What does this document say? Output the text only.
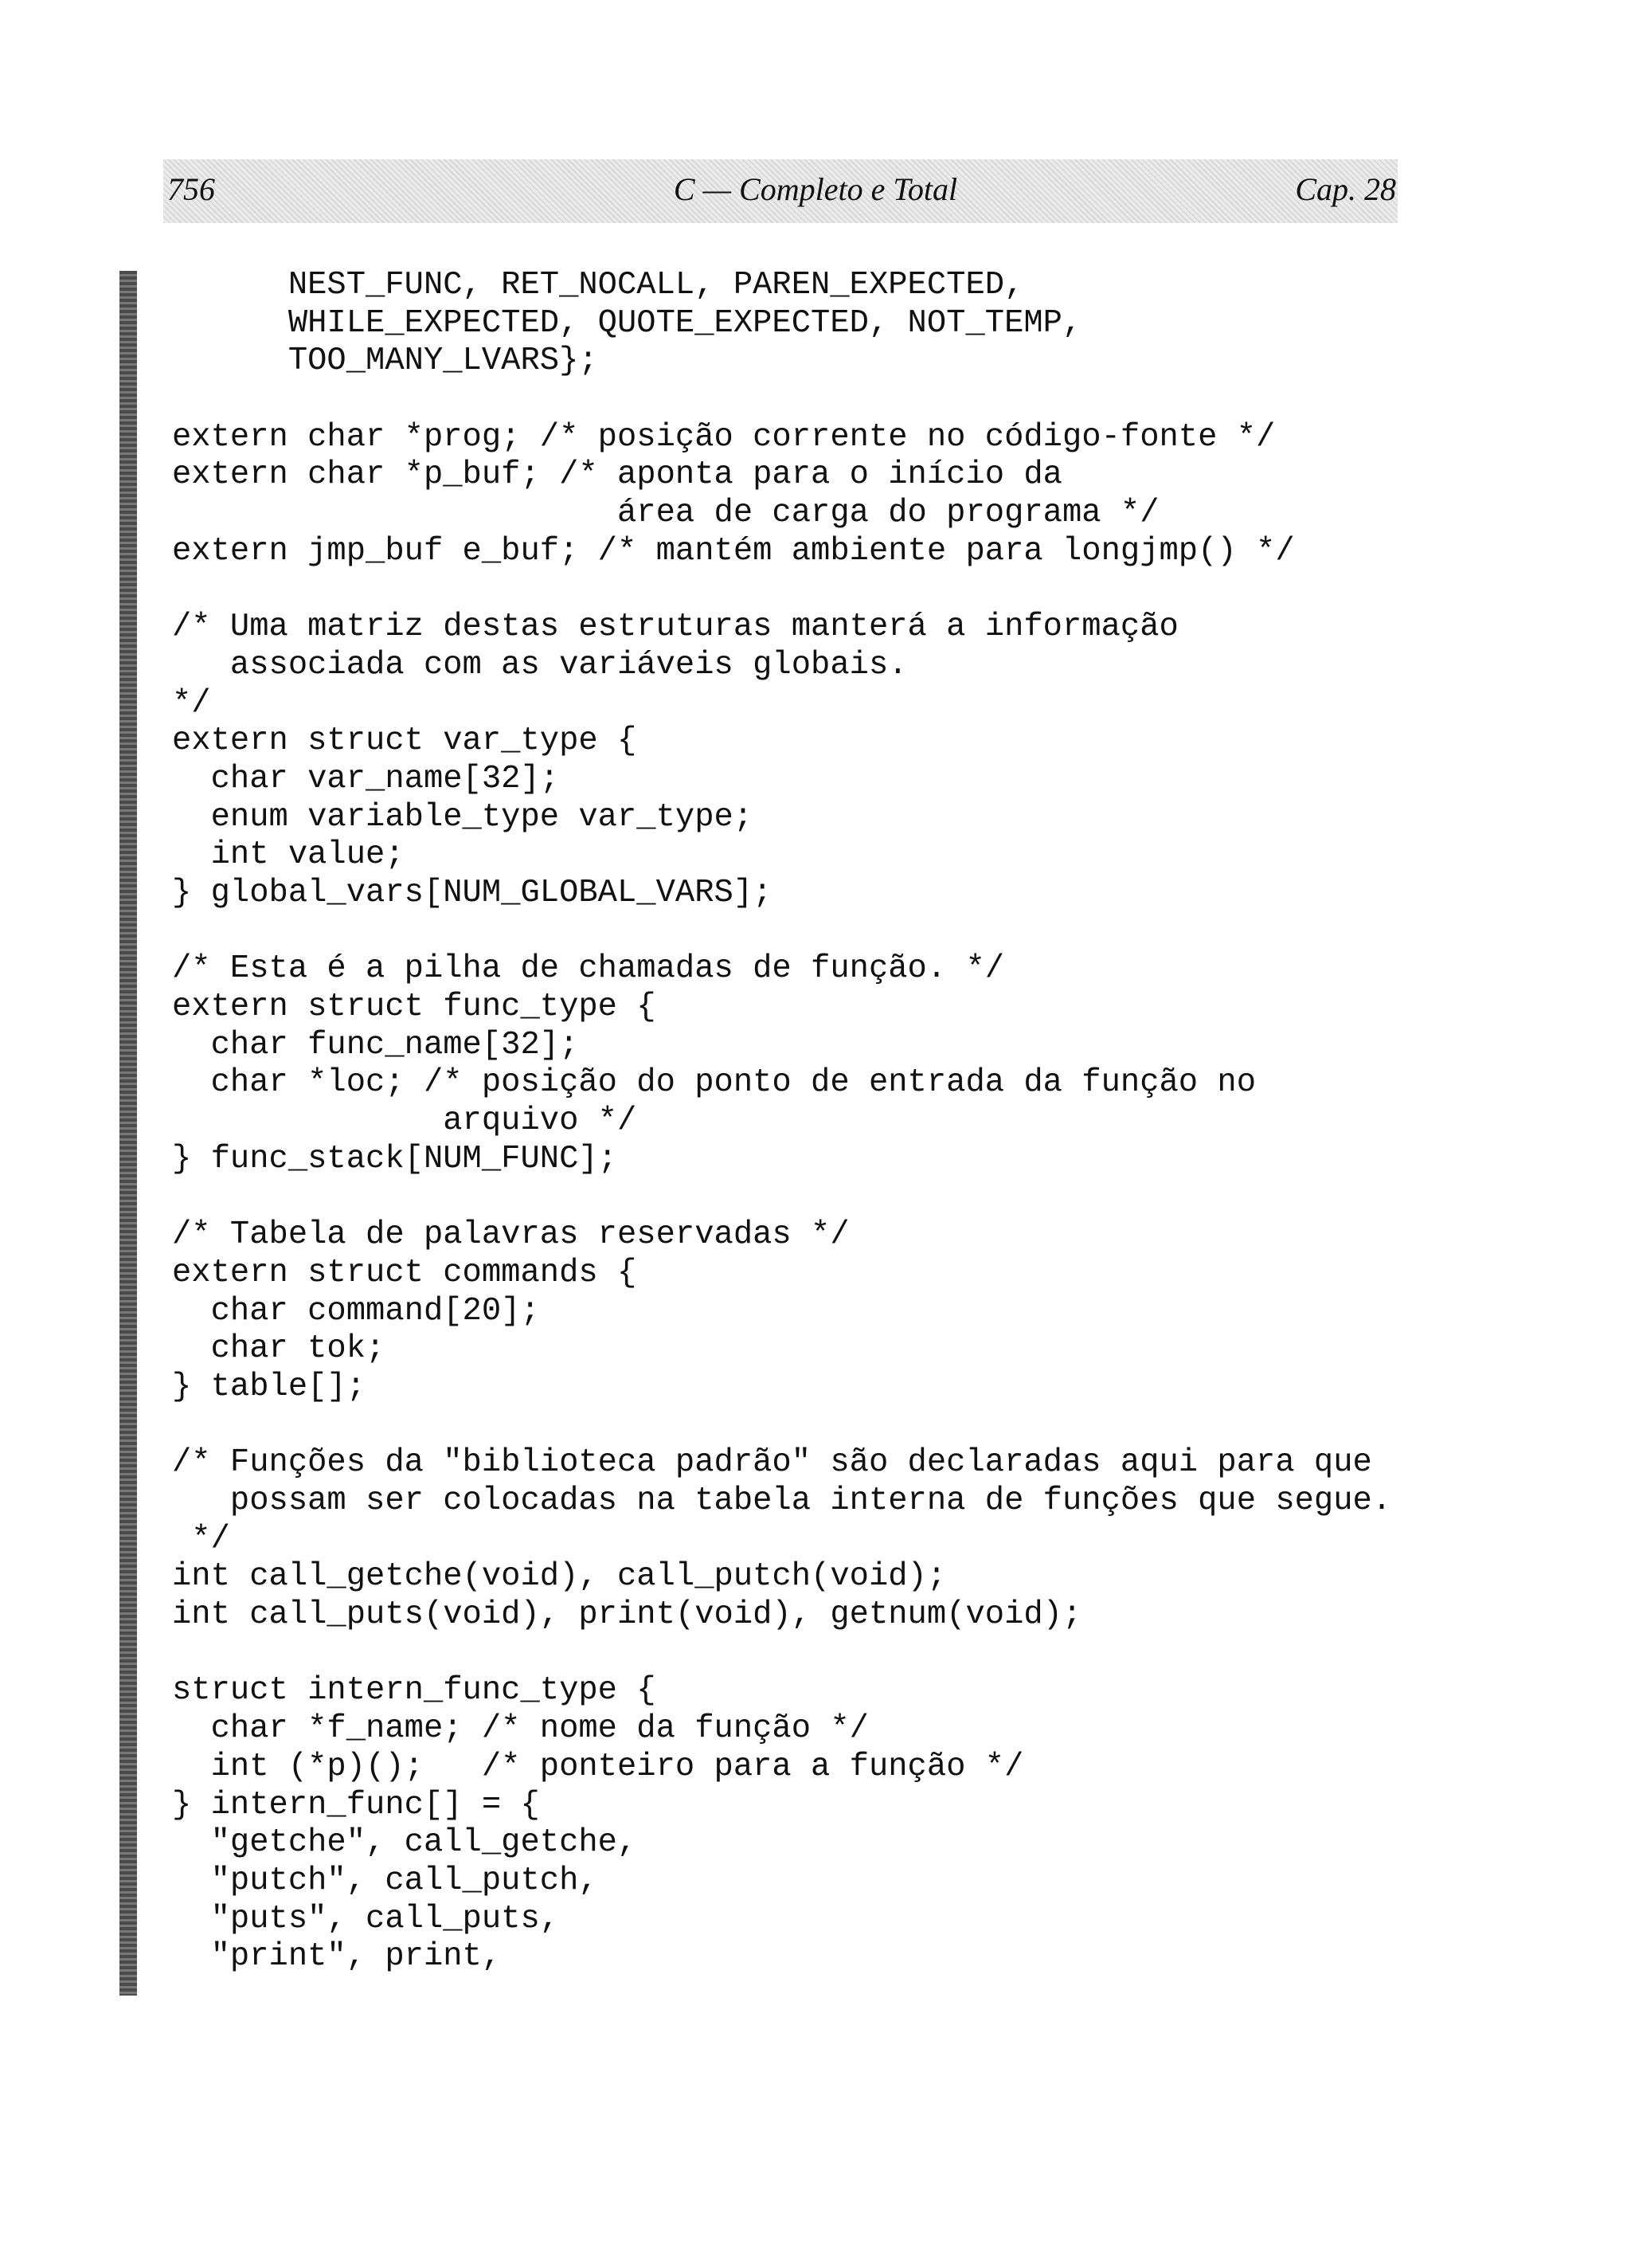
756	C — Completo e Total	Cap. 28
NEST_FUNC, RET_NOCALL, PAREN_EXPECTED,
WHILE_EXPECTED, QUOTE_EXPECTED, NOT_TEMP,
TOO_MANY_LVARS};
extern char *prog; /* posição corrente no código-fonte */
extern char *p_buf; /* aponta para o início da
área de carga do programa */
extern jmp_buf e_buf; /* mantém ambiente para longjmp() */
/* Uma matriz destas estruturas manterá a informação
associada com as variáveis globais.
*/
extern struct var_type {
char var_name[32];
enum variable_type var_type;
int value;
} global_vars[NUM_GLOBAL_VARS];
/* Esta é a pilha de chamadas de função. */
extern struct func_type {
char func_name[32];
char *loc; /* posição do ponto de entrada da função no
arquivo */
} func_stack[NUM_FUNC];
/* Tabela de palavras reservadas */
extern struct commands {
char command[20];
char tok;
} table[];
/* Funções da "biblioteca padrão" são declaradas aqui para que
possam ser colocadas na tabela interna de funções que segue.
*/
int call_getche(void), call_putch(void);
int call_puts(void), print(void), getnum(void);
struct intern_func_type {
char *f_name; /* nome da função */
int (*p)();   /* ponteiro para a função */
} intern_func[] = {
"getche", call_getche,
"putch", call_putch,
"puts", call_puts,
"print", print,
